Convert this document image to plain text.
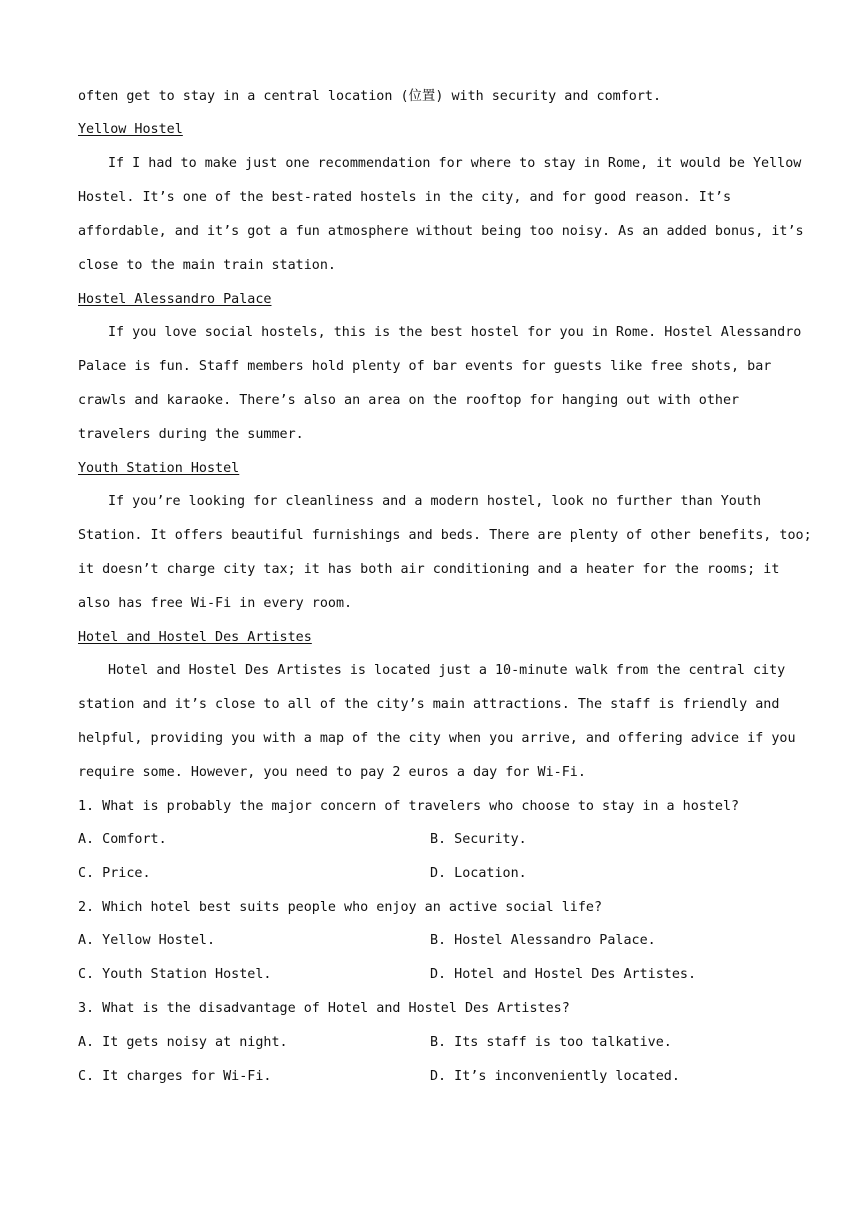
often get to stay in a central location (位置) with security and comfort.
Yellow Hostel
If I had to make just one recommendation for where to stay in Rome, it would be Yellow
Hostel. It’s one of the best-rated hostels in the city, and for good reason. It’s
affordable, and it’s got a fun atmosphere without being too noisy. As an added bonus, it’s
close to the main train station.
Hostel Alessandro Palace
If you love social hostels, this is the best hostel for you in Rome. Hostel Alessandro
Palace is fun. Staff members hold plenty of bar events for guests like free shots, bar
crawls and karaoke. There’s also an area on the rooftop for hanging out with other
travelers during the summer.
Youth Station Hostel
If you’re looking for cleanliness and a modern hostel, look no further than Youth
Station. It offers beautiful furnishings and beds. There are plenty of other benefits, too;
it doesn’t charge city tax; it has both air conditioning and a heater for the rooms; it
also has free Wi-Fi in every room.
Hotel and Hostel Des Artistes
Hotel and Hostel Des Artistes is located just a 10-minute walk from the central city
station and it’s close to all of the city’s main attractions. The staff is friendly and
helpful, providing you with a map of the city when you arrive, and offering advice if you
require some. However, you need to pay 2 euros a day for Wi-Fi.
1. What is probably the major concern of travelers who choose to stay in a hostel?
A. Comfort.	B. Security.
C. Price.	D. Location.
2. Which hotel best suits people who enjoy an active social life?
A. Yellow Hostel.	B. Hostel Alessandro Palace.
C. Youth Station Hostel.	D. Hotel and Hostel Des Artistes.
3. What is the disadvantage of Hotel and Hostel Des Artistes?
A. It gets noisy at night.	B. Its staff is too talkative.
C. It charges for Wi-Fi.	D. It’s inconveniently located.
